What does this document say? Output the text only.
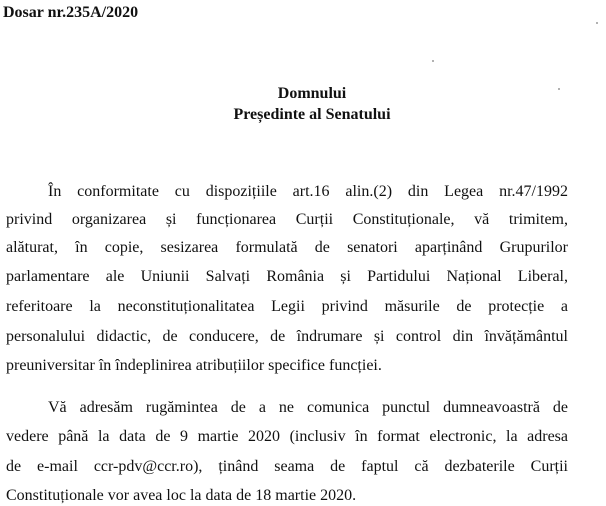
Dosar nr.235A/2020
Domnului
Președinte al Senatului
În conformitate cu dispozițiile art.16 alin.(2) din Legea nr.47/1992
privind organizarea și funcționarea Curții Constituționale, vă trimitem,
alăturat, în copie, sesizarea formulată de senatori aparținând Grupurilor
parlamentare ale Uniunii Salvați România și Partidului Național Liberal,
referitoare la neconstituționalitatea Legii privind măsurile de protecție a
personalului didactic, de conducere, de îndrumare și control din învățământul
preuniversitar în îndeplinirea atribuțiilor specifice funcției.
Vă adresăm rugămintea de a ne comunica punctul dumneavoastră de
vedere până la data de 9 martie 2020 (inclusiv în format electronic, la adresa
de e-mail ccr-pdv@ccr.ro), ținând seama de faptul că dezbaterile Curții
Constituționale vor avea loc la data de 18 martie 2020.
